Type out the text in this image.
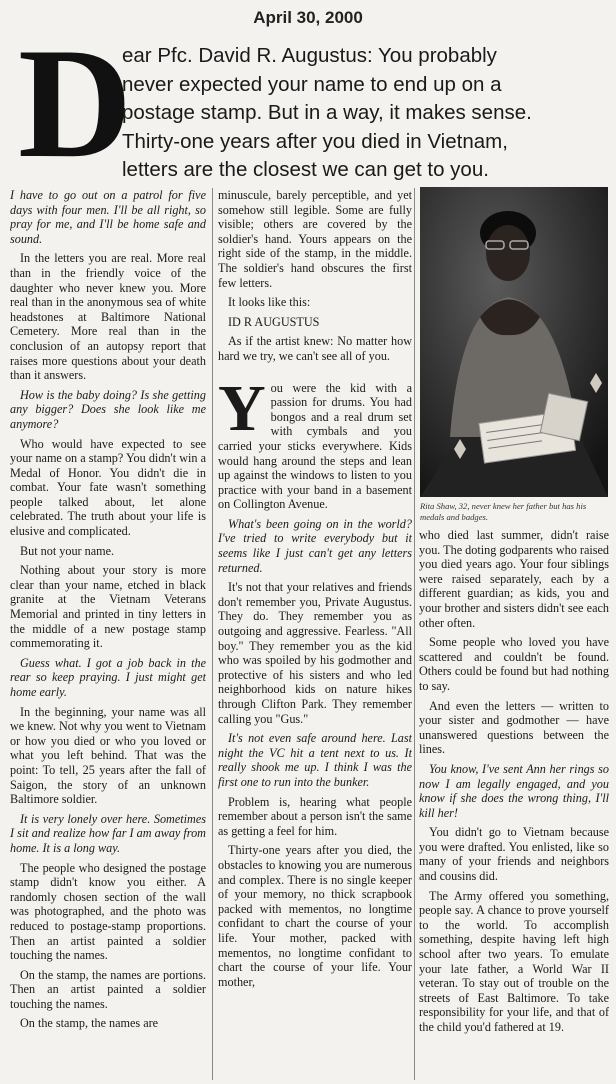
April 30, 2000
D
ear Pfc. David R. Augustus: You probably
never expected your name to end up on a
postage stamp. But in a way, it makes sense.
Thirty-one years after you died in Vietnam,
letters are the closest we can get to you.

I have to go out on a patrol for five days with four men. I'll be all right, so pray for me, and I'll be home safe and sound.

In the letters you are real. More real than in the friendly voice of the daughter who never knew you. More real than in the anonymous sea of white headstones at Baltimore National Cemetery. More real than in the conclusion of an autopsy report that raises more questions about your death than it answers.

How is the baby doing? Is she getting any bigger? Does she look like me anymore?

Who would have expected to see your name on a stamp? You didn't win a Medal of Honor. You didn't die in combat. Your fate wasn't something people talked about, let alone celebrated. The truth about your life is elusive and complicated.

But not your name.

Nothing about your story is more clear than your name, etched in black granite at the Vietnam Veterans Memorial and printed in tiny letters in the middle of a new postage stamp commemorating it.

Guess what. I got a job back in the rear so keep praying. I just might get home early.

In the beginning, your name was all we knew. Not why you went to Vietnam or how you died or who you loved or what you left behind. That was the point: To tell, 25 years after the fall of Saigon, the story of an unknown Baltimore soldier.

It is very lonely over here. Sometimes I sit and realize how far I am away from home. It is a long way.

The people who designed the postage stamp didn't know you either. A randomly chosen section of the wall was photographed, and the photo was reduced to postage-stamp proportions. Then an artist painted a soldier touching the names.

On the stamp, the names are portions. Then an artist painted a soldier touching the names.

On the stamp, the names are

minuscule, barely perceptible, and yet somehow still legible. Some are fully visible; others are covered by the soldier's hand. Yours appears on the right side of the stamp, in the middle. The soldier's hand obscures the first few letters.

It looks like this:

ID R AUGUSTUS

As if the artist knew: No matter how hard we try, we can't see all of you.

You were the kid with a passion for drums. You had bongos and a real drum set with cymbals and you carried your sticks everywhere. Kids would hang around the steps and lean up against the windows to listen to you practice with your band in a basement on Collington Avenue.

What's been going on in the world? I've tried to write everybody but it seems like I just can't get any letters returned.

It's not that your relatives and friends don't remember you, Private Augustus. They do. They remember you as outgoing and aggressive. Fearless. "All boy." They remember you as the kid who was spoiled by his godmother and protective of his sisters and who led neighborhood kids on nature hikes through Clifton Park. They remember calling you "Gus."

It's not even safe around here. Last night the VC hit a tent next to us. It really shook me up. I think I was the first one to run into the bunker.

Problem is, hearing what people remember about a person isn't the same as getting a feel for him.

Thirty-one years after you died, the obstacles to knowing you are numerous and complex. There is no single keeper of your memory, no thick scrapbook packed with mementos, no longtime confidant to chart the course of your life. Your mother, packed with mementos, no longtime confidant to chart the course of your life. Your mother,

Rita Shaw, 32, never knew her father but has his medals and badges.

who died last summer, didn't raise you. The doting godparents who raised you died years ago. Your four siblings were raised separately, each by a different guardian; as kids, you and your brother and sisters didn't see each other often.

Some people who loved you have scattered and couldn't be found. Others could be found but had nothing to say.

And even the letters — written to your sister and godmother — have unanswered questions between the lines.

You know, I've sent Ann her rings so now I am legally engaged, and you know if she does the wrong thing, I'll kill her!

You didn't go to Vietnam because you were drafted. You enlisted, like so many of your friends and neighbors and cousins did.

The Army offered you something, people say. A chance to prove yourself to the world. To accomplish something, despite having left high school after two years. To emulate your late father, a World War II veteran. To stay out of trouble on the streets of East Baltimore. To take responsibility for your life, and that of the child you'd fathered at 19.
